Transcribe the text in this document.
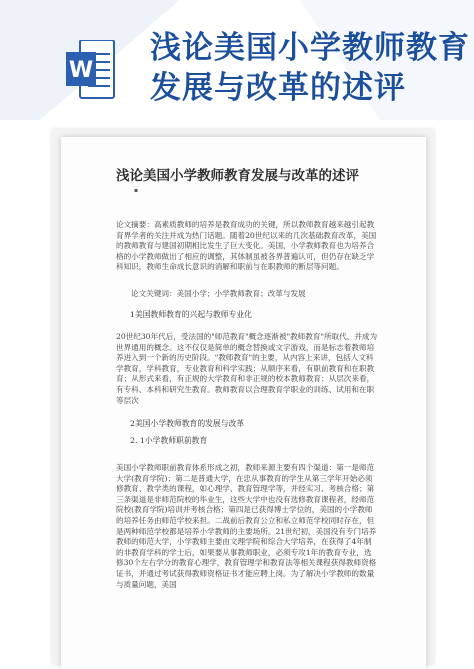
W
浅论美国小学教师教育发展与改革的述评
浅论美国小学教师教育发展与改革的述评
▪

论文摘要：高素质教师的培养是教育成功的关键，所以教师教育越来越引起教育界学者的关注并成为热门话题。随着20世纪以来的几次基础教育改革，美国的教师教育与建国初期相比发生了巨大变化。美国，小学教师教育也为培养合格的小学教师做出了相应的调整，其体制虽被各界普遍认可，但仍存在缺乏学科知识，教师生命成长意识的消解和职前与在职教师的断层等问题。

论文关键词：美国小学；小学教师教育；改革与发展

1美国教师教育的兴起与教师专业化

20世纪30年代后，受法国的"师范教育"概念逐渐被"教师教育"所取代，并成为世界通用的概念。这不仅仅是简单的概念替换或文字游戏，而是标志着教师培养进入到一个新的历史阶段。"教师教育"的主要，从内容上来讲，包括人文科学教育，学科教育，专业教育和科学实践；从顺序来看，有职前教育和在职教育；从形式来看，有正规的大学教育和非正规的校本教师教育；从层次来看，有专科、本科和研究生教育。教师教育以合理教育学职业的训练、试用和在职等层次

2美国小学教师教育的发展与改革

2. 1小学教师职前教育

美国小学教师职前教育体系形成之初，教师来源主要有四个渠道：第一是师范大学(教育学院)；第二是普通大学，在忠从事教育的学生从第三学年开始必须修教育、教学类的课程，如心理学、教育管理学等，并经实习、考核合格；第三条渠道是非师范院校的毕业生，这些大学中也没有选修教育课程者，经师范院校(教育学院)培训并考核合格；第四是已获得博士学位的，美国的小学教师的培养任务由师范学校来担。二战前后教育公立和私立师范学校同时存在，但是两种师范学校都是培养小学教师的主要场所。21世纪初，美国没有专门培养教师的师范大学，小学教师主要由文理学院和综合大学培养，在获得了4年制的非教育学科的学士后，如果要从事教师职业，必须专攻1年的教育专业，选修30个左右学分的教育心理学，教育管理学和教育法等相关课程获得教师资格证书，并通过考试获得教师资格证书才能应聘上岗。为了解决小学教师的数量与质量问题，美国
